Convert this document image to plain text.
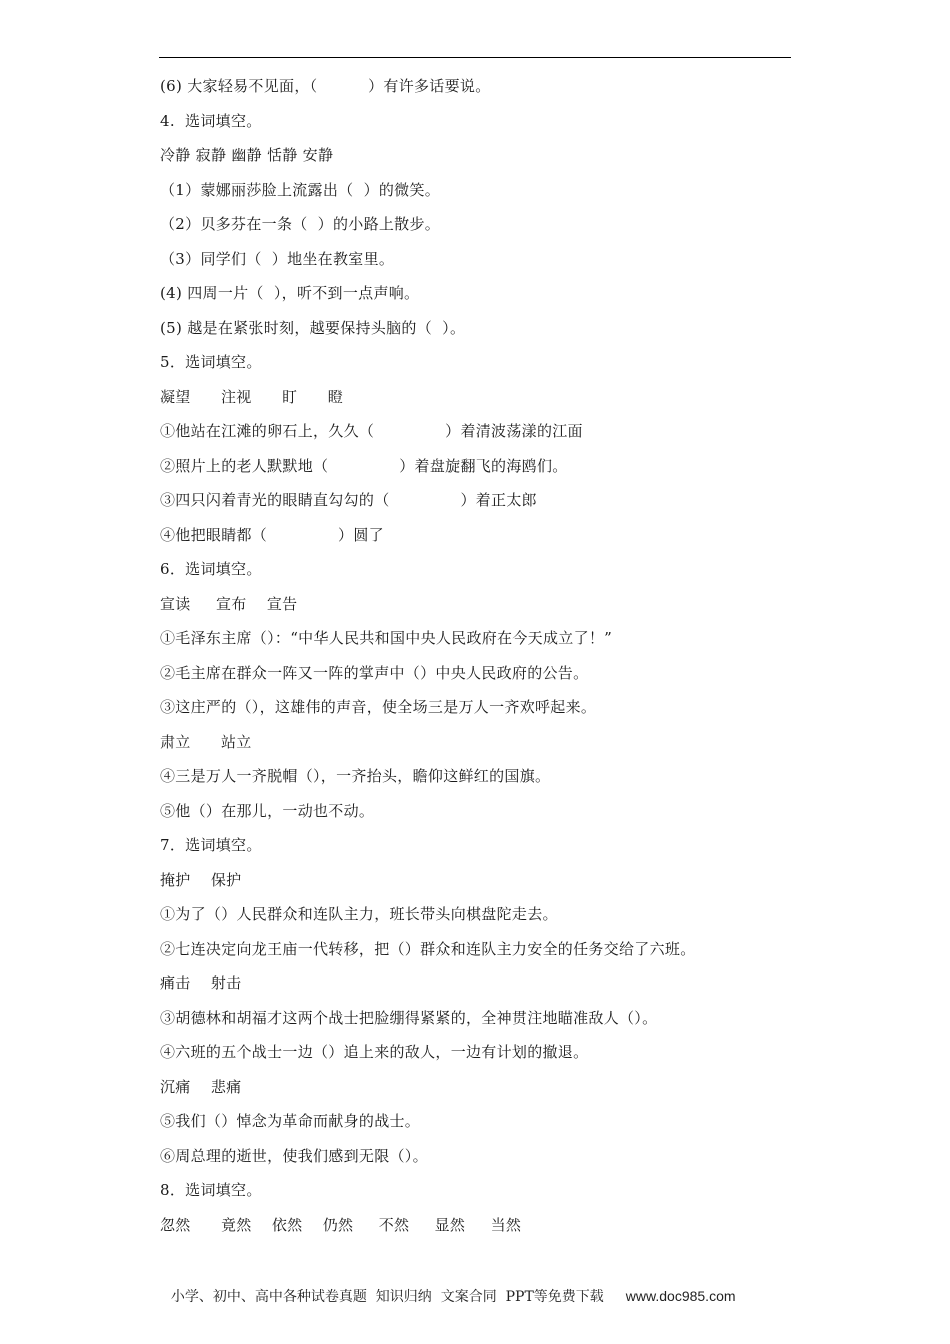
(6) 大家轻易不见面，（          ）有许多话要说。
4.  选词填空。
冷静 寂静 幽静 恬静 安静
（1）蒙娜丽莎脸上流露出（  ）的微笑。
（2）贝多芬在一条（  ）的小路上散步。
（3）同学们（  ）地坐在教室里。
(4) 四周一片（  ），听不到一点声响。
(5) 越是在紧张时刻，越要保持头脑的（  ）。
5．选词填空。
凝望      注视      盯      瞪
①他站在江滩的卵石上，久久（              ）着清波荡漾的江面
②照片上的老人默默地（              ）着盘旋翻飞的海鸥们。
③四只闪着青光的眼睛直勾勾的（              ）着正太郎
④他把眼睛都（              ）圆了
6．选词填空。
宣读     宣布    宣告
①毛泽东主席（）：“中华人民共和国中央人民政府在今天成立了！”
②毛主席在群众一阵又一阵的掌声中（）中央人民政府的公告。
③这庄严的（），这雄伟的声音，使全场三是万人一齐欢呼起来。
肃立      站立
④三是万人一齐脱帽（），一齐抬头，瞻仰这鲜红的国旗。
⑤他（）在那儿，一动也不动。
7．选词填空。
掩护    保护
①为了（）人民群众和连队主力，班长带头向棋盘陀走去。
②七连决定向龙王庙一代转移，把（）群众和连队主力安全的任务交给了六班。
痛击    射击
③胡德林和胡福才这两个战士把脸绷得紧紧的，全神贯注地瞄准敌人（）。
④六班的五个战士一边（）追上来的敌人，一边有计划的撤退。
沉痛    悲痛
⑤我们（）悼念为革命而献身的战士。
⑥周总理的逝世，使我们感到无限（）。
8．选词填空。
忽然      竟然    依然    仍然     不然     显然     当然

小学、初中、高中各种试卷真题  知识归纳  文案合同  PPT等免费下载 www.doc985.com
